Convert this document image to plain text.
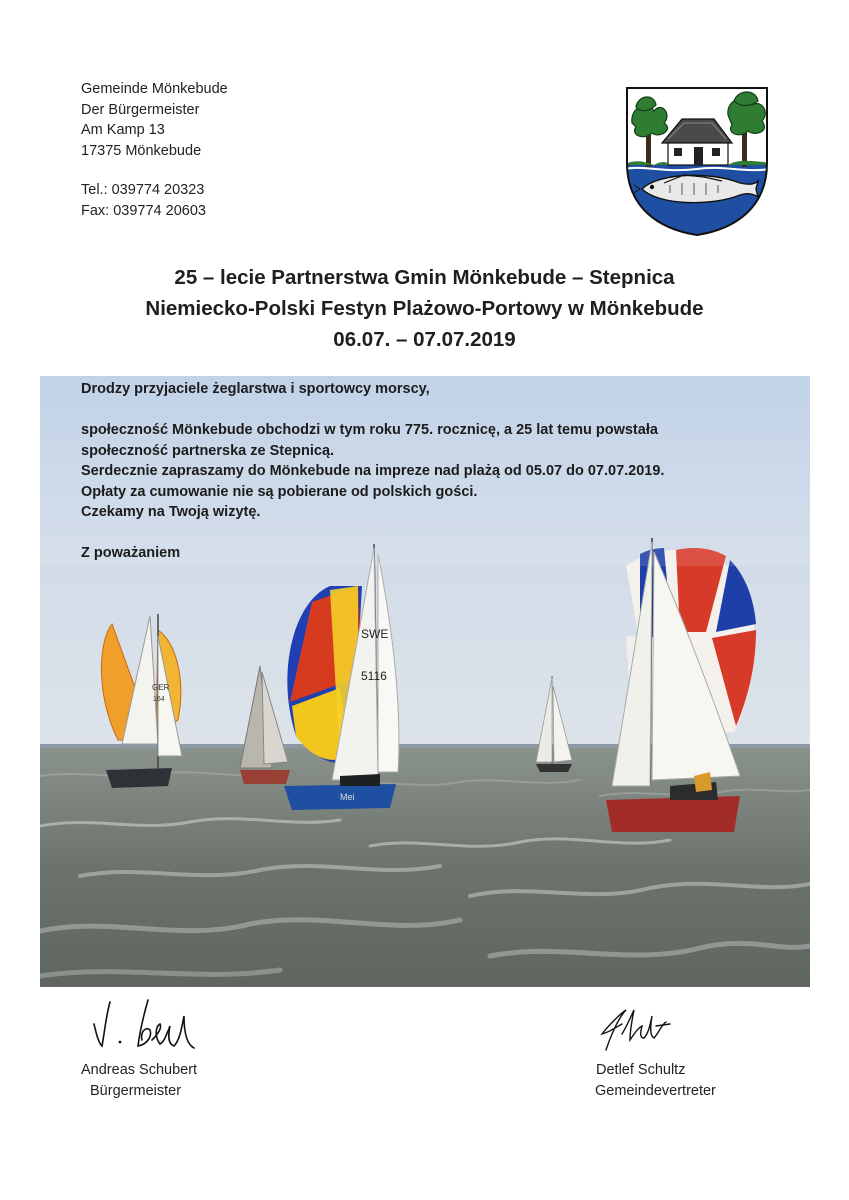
Gemeinde Mönkebude
Der Bürgermeister
Am Kamp 13
17375 Mönkebude
Tel.: 039774 20323
Fax: 039774 20603
25 – lecie Partnerstwa Gmin Mönkebude – Stepnica
Niemiecko-Polski Festyn Plażowo-Portowy w Mönkebude
06.07. – 07.07.2019
GER
164
SWE
5116
Mei
Drodzy przyjaciele żeglarstwa i sportowcy morscy,
społeczność Mönkebude obchodzi w tym roku 775. rocznicę, a 25 lat temu powstała
społeczność partnerska ze Stepnicą.
Serdecznie zapraszamy do Mönkebude na impreze nad plażą od 05.07 do 07.07.2019.
Opłaty za cumowanie nie są pobierane od polskich gości.
Czekamy na Twoją wizytę.
Z poważaniem
Andreas Schubert
Bürgermeister
Detlef Schultz
Gemeindevertreter
